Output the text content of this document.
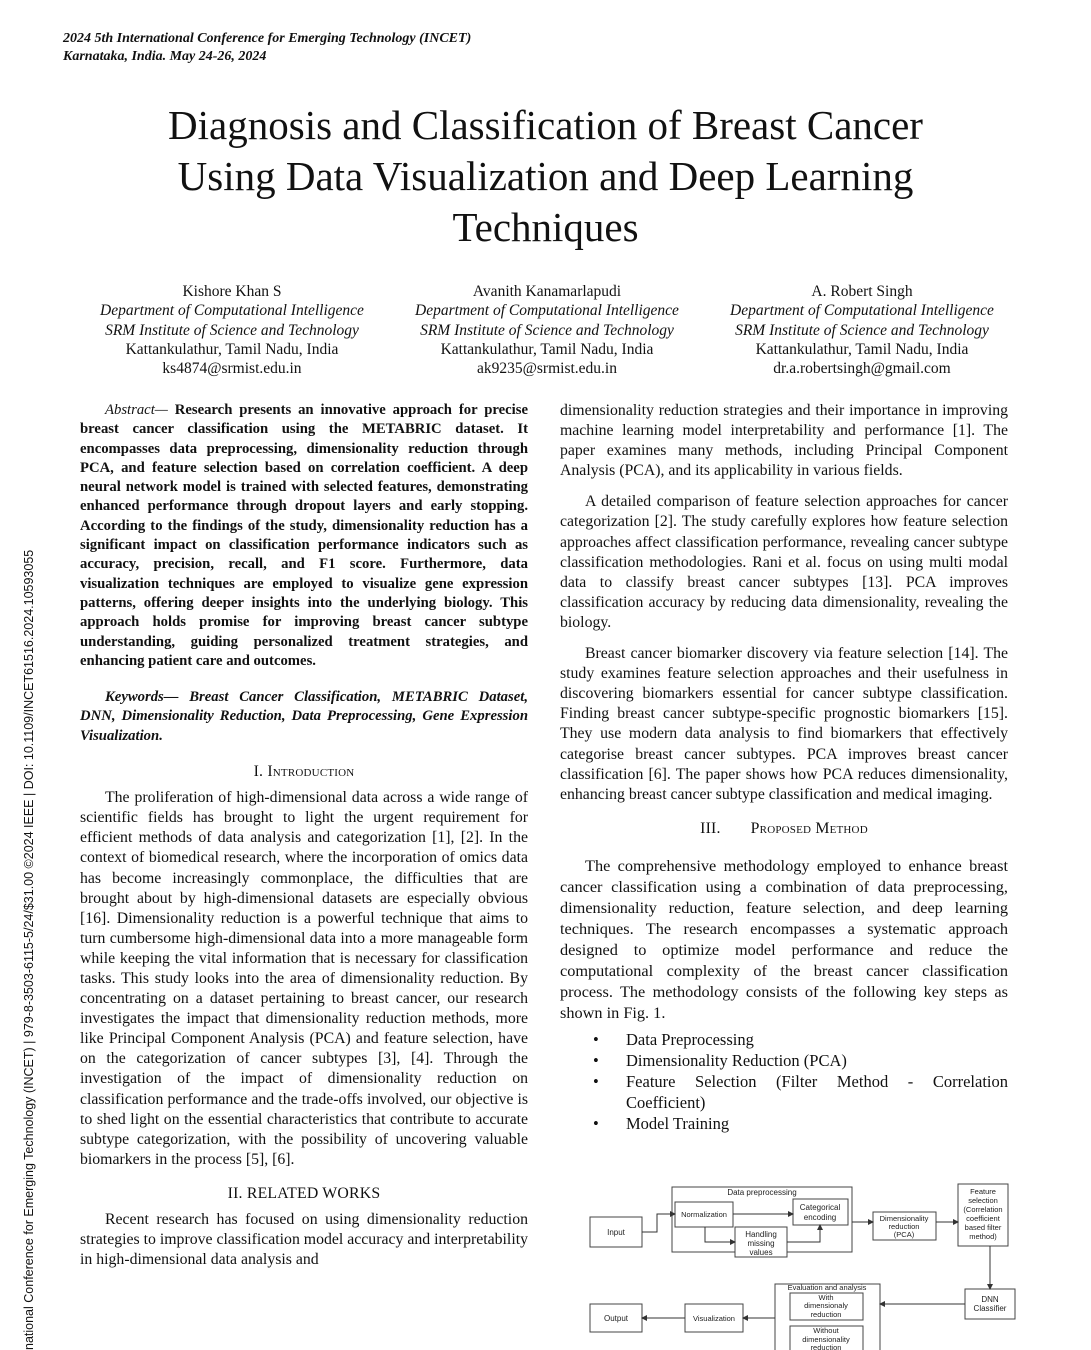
2024 5th International Conference for Emerging Technology (INCET)
Karnataka, India. May 24-26, 2024
Diagnosis and Classification of Breast Cancer
Using Data Visualization and Deep Learning
Techniques
Kishore Khan S
Department of Computational Intelligence
SRM Institute of Science and Technology
Kattankulathur, Tamil Nadu, India
ks4874@srmist.edu.in
Avanith Kanamarlapudi
Department of Computational Intelligence
SRM Institute of Science and Technology
Kattankulathur, Tamil Nadu, India
ak9235@srmist.edu.in
A. Robert Singh
Department of Computational Intelligence
SRM Institute of Science and Technology
Kattankulathur, Tamil Nadu, India
dr.a.robertsingh@gmail.com
national Conference for Emerging Technology (INCET) | 979-8-3503-6115-5/24/$31.00 ©2024 IEEE | DOI: 10.1109/INCET61516.2024.10593055

Abstract— Research presents an innovative approach for precise breast cancer classification using the METABRIC dataset. It encompasses data preprocessing, dimensionality reduction through PCA, and feature selection based on correlation coefficient. A deep neural network model is trained with selected features, demonstrating enhanced performance through dropout layers and early stopping. According to the findings of the study, dimensionality reduction has a significant impact on classification performance indicators such as accuracy, precision, recall, and F1 score. Furthermore, data visualization techniques are employed to visualize gene expression patterns, offering deeper insights into the underlying biology. This approach holds promise for improving breast cancer subtype understanding, guiding personalized treatment strategies, and enhancing patient care and outcomes.

Keywords— Breast Cancer Classification, METABRIC Dataset, DNN, Dimensionality Reduction, Data Preprocessing, Gene Expression Visualization.

I. Introduction

The proliferation of high-dimensional data across a wide range of scientific fields has brought to light the urgent requirement for efficient methods of data analysis and categorization [1], [2]. In the context of biomedical research, where the incorporation of omics data has become increasingly commonplace, the difficulties that are brought about by high-dimensional datasets are especially obvious [16]. Dimensionality reduction is a powerful technique that aims to turn cumbersome high-dimensional data into a more manageable form while keeping the vital information that is necessary for classification tasks. This study looks into the area of dimensionality reduction. By concentrating on a dataset pertaining to breast cancer, our research investigates the impact that dimensionality reduction methods, more like Principal Component Analysis (PCA) and feature selection, have on the categorization of cancer subtypes [3], [4]. Through the investigation of the impact of dimensionality reduction on classification performance and the trade-offs involved, our objective is to shed light on the essential characteristics that contribute to accurate subtype categorization, with the possibility of uncovering valuable biomarkers in the process [5], [6].

II. RELATED WORKS

Recent research has focused on using dimensionality reduction strategies to improve classification model accuracy and interpretability in high-dimensional data analysis and

dimensionality reduction strategies and their importance in improving machine learning model interpretability and performance [1]. The paper examines many methods, including Principal Component Analysis (PCA), and its applicability in various fields.

A detailed comparison of feature selection approaches for cancer categorization [2]. The study carefully explores how feature selection approaches affect classification performance, revealing cancer subtype classification methodologies. Rani et al. focus on using multi modal data to classify breast cancer subtypes [13]. PCA improves classification accuracy by reducing data dimensionality, revealing the biology.

Breast cancer biomarker discovery via feature selection [14]. The study examines feature selection approaches and their usefulness in discovering biomarkers essential for cancer subtype classification. Finding breast cancer subtype-specific prognostic biomarkers [15]. They use modern data analysis to find biomarkers that effectively categorise breast cancer subtypes. PCA improves breast cancer classification [6]. The paper shows how PCA reduces dimensionality, enhancing breast cancer subtype classification and medical imaging.

III. Proposed Method

The comprehensive methodology employed to enhance breast cancer classification using a combination of data preprocessing, dimensionality reduction, feature selection, and deep learning techniques. The research encompasses a systematic approach designed to optimize model performance and reduce the computational complexity of the breast cancer classification process. The methodology consists of the following key steps as shown in Fig. 1.

• Data Preprocessing
• Dimensionality Reduction (PCA)
• Feature Selection (Filter Method - Correlation Coefficient)
• Model Training
Input
Data preprocessing
Normalization
Categorical
encoding
Handling
missing
values
Dimensionality
reduction
(PCA)
Feature
selection
(Correlation
coefficient
based filter
method)
DNN
Classifier
Evaluation and analysis
With
dimensionaly
reduction
Without
dimensionality
reduction
Visualization
Output
